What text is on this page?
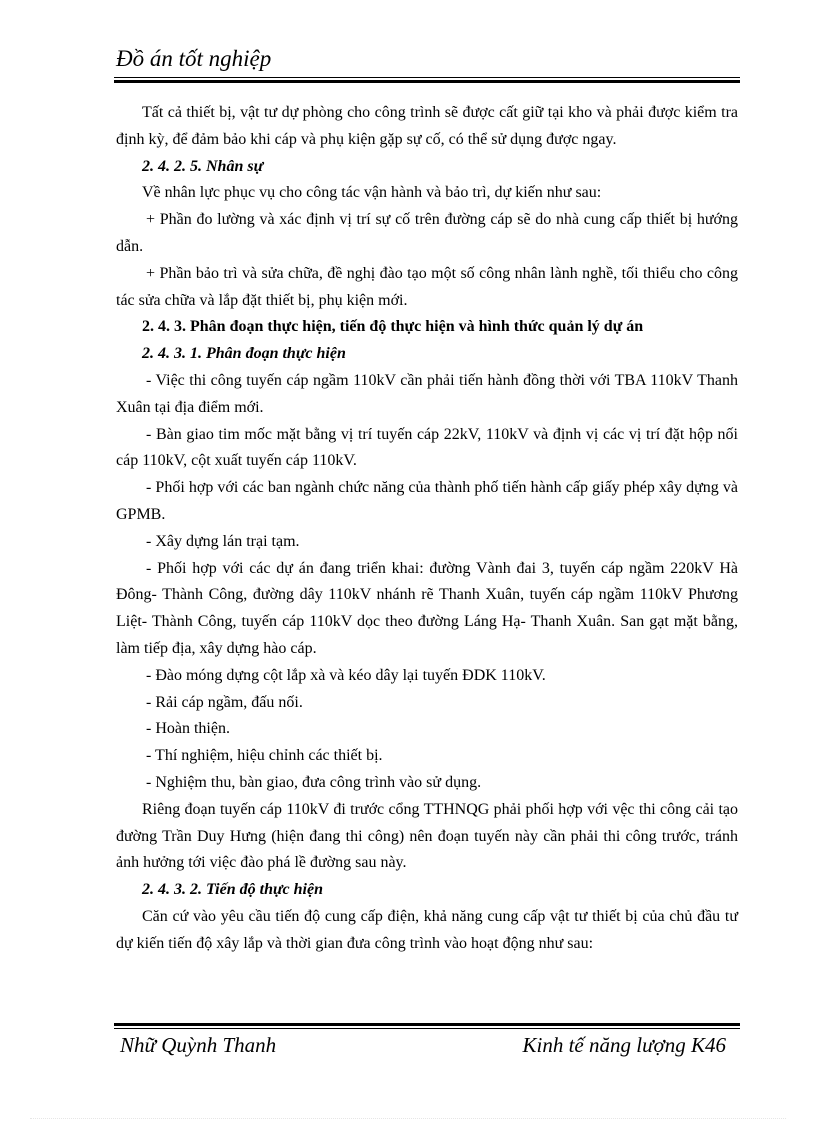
Đồ án tốt nghiệp

Tất cả thiết bị, vật tư dự phòng cho công trình sẽ được cất giữ tại kho và phải được kiểm tra định kỳ, để đảm bảo khi cáp và phụ kiện gặp sự cố, có thể sử dụng được ngay.

2. 4. 2. 5. Nhân sự

Về nhân lực phục vụ cho công tác vận hành và bảo trì, dự kiến như sau:

+ Phần đo lường và xác định vị trí sự cố trên đường cáp sẽ do nhà cung cấp thiết bị hướng dẫn.

+ Phần bảo trì và sửa chữa, đề nghị đào tạo một số công nhân lành nghề, tối thiểu cho công tác sửa chữa và lắp đặt thiết bị, phụ kiện mới.

2. 4. 3. Phân đoạn thực hiện, tiến độ thực hiện và hình thức quản lý dự án

2. 4. 3. 1. Phân đoạn thực hiện

- Việc thi công tuyến cáp ngầm 110kV cần phải tiến hành đồng thời với TBA 110kV Thanh Xuân tại địa điểm mới.

- Bàn giao tim mốc mặt bằng vị trí tuyến cáp 22kV, 110kV và định vị các vị trí đặt hộp nối cáp 110kV, cột xuất tuyến cáp 110kV.

- Phối hợp với các ban ngành chức năng của thành phố tiến hành cấp giấy phép xây dựng và GPMB.

- Xây dựng lán trại tạm.

- Phối hợp với các dự án đang triển khai: đường Vành đai 3, tuyến cáp ngầm 220kV Hà Đông- Thành Công, đường dây 110kV nhánh rẽ Thanh Xuân, tuyến cáp ngầm 110kV Phương Liệt- Thành Công, tuyến cáp 110kV dọc theo đường Láng Hạ- Thanh Xuân. San gạt mặt bằng, làm tiếp địa, xây dựng hào cáp.

- Đào móng dựng cột lắp xà và kéo dây lại tuyến ĐDK 110kV.

- Rải cáp ngầm, đấu nối.

- Hoàn thiện.

- Thí nghiệm, hiệu chỉnh các thiết bị.

- Nghiệm thu, bàn giao, đưa công trình vào sử dụng.

Riêng đoạn tuyến cáp 110kV đi trước cổng TTHNQG phải phối hợp với vệc thi công cải tạo đường Trần Duy Hưng (hiện đang thi công) nên đoạn tuyến này cần phải thi công trước, tránh ảnh hưởng tới việc đào phá lề đường sau này.

2. 4. 3. 2. Tiến độ thực hiện

Căn cứ vào yêu cầu tiến độ cung cấp điện, khả năng cung cấp vật tư thiết bị của chủ đầu tư dự kiến tiến độ xây lắp và thời gian đưa công trình vào hoạt động như sau:

Nhữ Quỳnh Thanh	Kinh tế năng lượng K46
